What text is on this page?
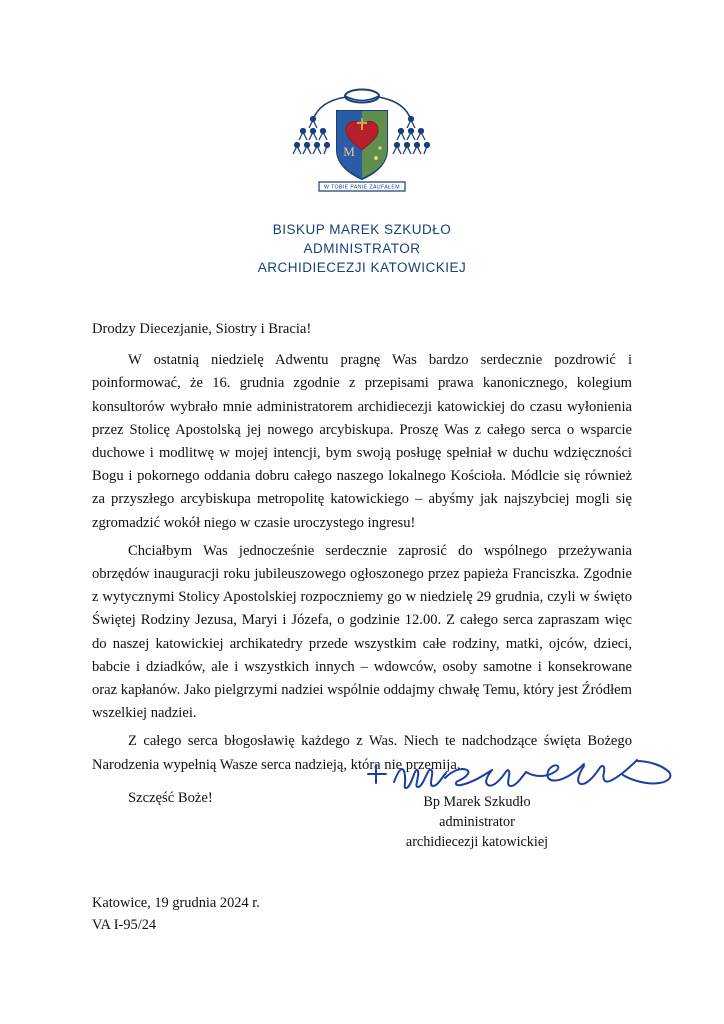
M
W TOBIE PANIE ZAUFAŁEM
BISKUP MAREK SZKUDŁO
ADMINISTRATOR
ARCHIDIECEZJI KATOWICKIEJ

Drodzy Diecezjanie, Siostry i Bracia!

W ostatnią niedzielę Adwentu pragnę Was bardzo serdecznie pozdrowić i poinformować, że 16. grudnia zgodnie z przepisami prawa kanonicznego, kolegium konsultorów wybrało mnie administratorem archidiecezji katowickiej do czasu wyłonienia przez Stolicę Apostolską jej nowego arcybiskupa. Proszę Was z całego serca o wsparcie duchowe i modlitwę w mojej intencji, bym swoją posługę spełniał w duchu wdzięczności Bogu i pokornego oddania dobru całego naszego lokalnego Kościoła. Módlcie się również za przyszłego arcybiskupa metropolitę katowickiego – abyśmy jak najszybciej mogli się zgromadzić wokół niego w czasie uroczystego ingresu!

Chciałbym Was jednocześnie serdecznie zaprosić do wspólnego przeżywania obrzędów inauguracji roku jubileuszowego ogłoszonego przez papieża Franciszka. Zgodnie z wytycznymi Stolicy Apostolskiej rozpoczniemy go w niedzielę 29 grudnia, czyli w święto Świętej Rodziny Jezusa, Maryi i Józefa, o godzinie 12.00. Z całego serca zapraszam więc do naszej katowickiej archikatedry przede wszystkim całe rodziny, matki, ojców, dzieci, babcie i dziadków, ale i wszystkich innych – wdowców, osoby samotne i konsekrowane oraz kapłanów. Jako pielgrzymi nadziei wspólnie oddajmy chwałę Temu, który jest Źródłem wszelkiej nadziei.

Z całego serca błogosławię każdego z Was. Niech te nadchodzące święta Bożego Narodzenia wypełnią Wasze serca nadzieją, która nie przemija.

Szczęść Boże!	Bp Marek Szkudło
administrator
archidiecezji katowickiej
Katowice, 19 grudnia 2024 r.
VA I-95/24
